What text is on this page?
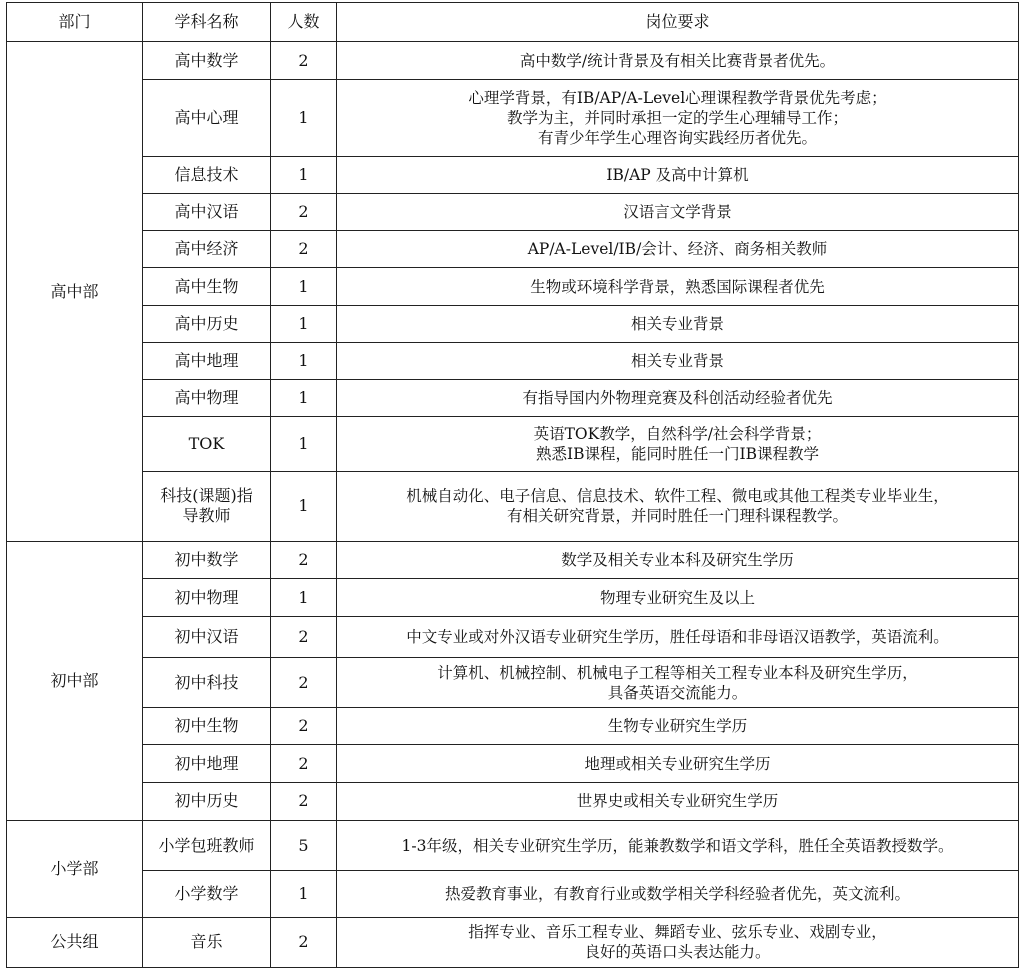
部门	学科名称	人数	岗位要求
高中部	高中数学	2	高中数学/统计背景及有相关比赛背景者优先。
	高中心理	1	心理学背景，有IB/AP/A-Level心理课程教学背景优先考虑；
教学为主，并同时承担一定的学生心理辅导工作；
有青少年学生心理咨询实践经历者优先。
	信息技术	1	IB/AP 及高中计算机
	高中汉语	2	汉语言文学背景
	高中经济	2	AP/A-Level/IB/会计、经济、商务相关教师
	高中生物	1	生物或环境科学背景，熟悉国际课程者优先
	高中历史	1	相关专业背景
	高中地理	1	相关专业背景
	高中物理	1	有指导国内外物理竞赛及科创活动经验者优先
	TOK	1	英语TOK教学，自然科学/社会科学背景；
熟悉IB课程，能同时胜任一门IB课程教学
	科技(课题)指
导教师	1	机械自动化、电子信息、信息技术、软件工程、微电或其他工程类专业毕业生，
有相关研究背景，并同时胜任一门理科课程教学。
初中部	初中数学	2	数学及相关专业本科及研究生学历
	初中物理	1	物理专业研究生及以上
	初中汉语	2	中文专业或对外汉语专业研究生学历，胜任母语和非母语汉语教学，英语流利。
	初中科技	2	计算机、机械控制、机械电子工程等相关工程专业本科及研究生学历，
具备英语交流能力。
	初中生物	2	生物专业研究生学历
	初中地理	2	地理或相关专业研究生学历
	初中历史	2	世界史或相关专业研究生学历
小学部	小学包班教师	5	1-3年级，相关专业研究生学历，能兼教数学和语文学科，胜任全英语教授数学。
	小学数学	1	热爱教育事业，有教育行业或数学相关学科经验者优先，英文流利。
公共组	音乐	2	指挥专业、音乐工程专业、舞蹈专业、弦乐专业、戏剧专业，
良好的英语口头表达能力。
